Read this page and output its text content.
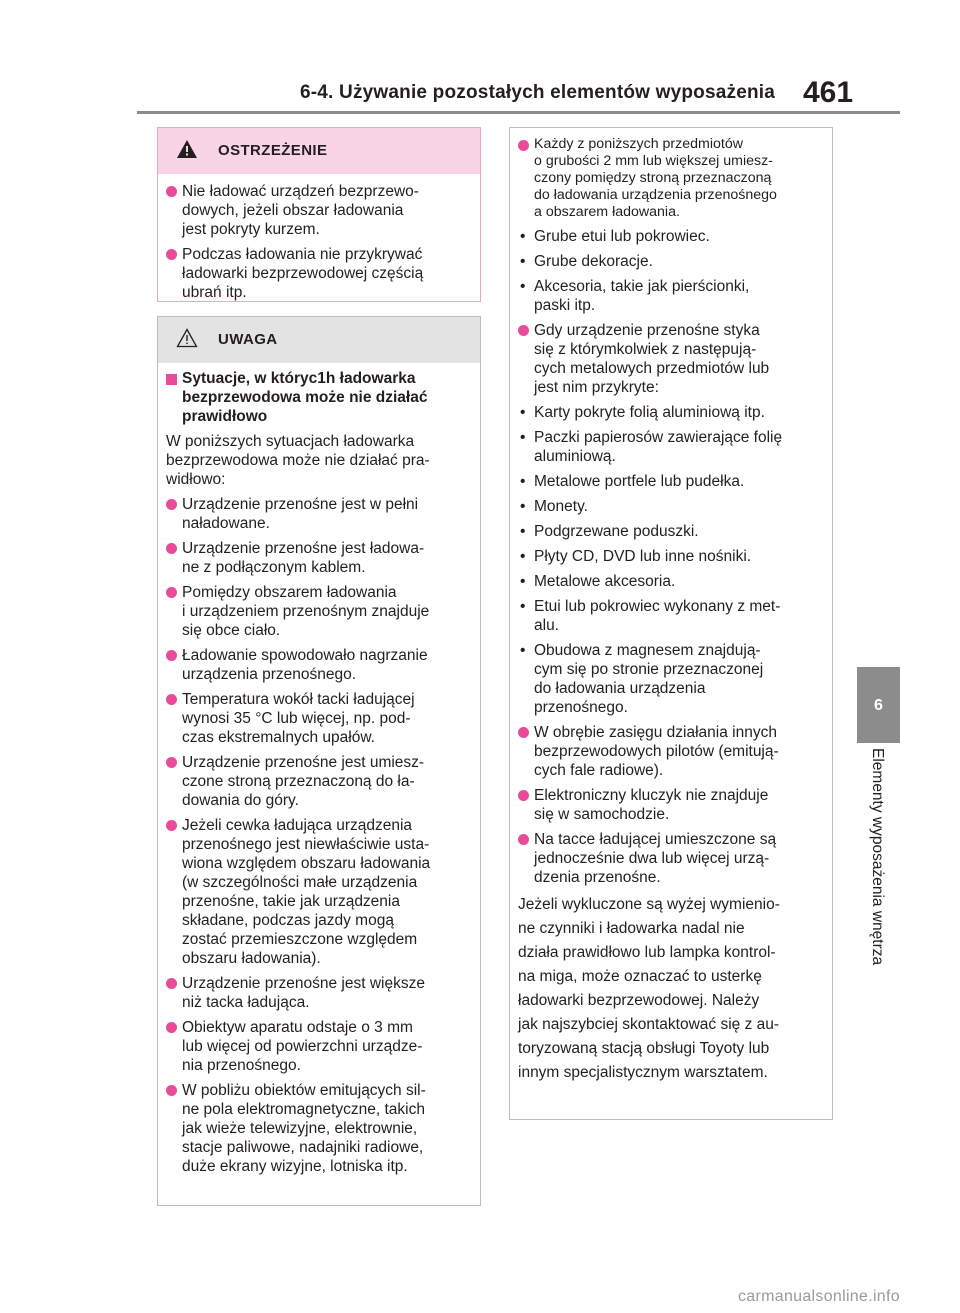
6-4. Używanie pozostałych elementów wyposażenia 461
6
Elementy wyposażenia wnętrza
OSTRZEŻENIE
Nie ładować urządzeń bezprzewo-
dowych, jeżeli obszar ładowania
jest pokryty kurzem.
Podczas ładowania nie przykrywać
ładowarki bezprzewodowej częścią
ubrań itp.
UWAGA
Sytuacje, w któryc1h ładowarka
bezprzewodowa może nie działać
prawidłowo
W poniższych sytuacjach ładowarka
bezprzewodowa może nie działać pra-
widłowo:
Urządzenie przenośne jest w pełni
naładowane.
Urządzenie przenośne jest ładowa-
ne z podłączonym kablem.
Pomiędzy obszarem ładowania
i urządzeniem przenośnym znajduje
się obce ciało.
Ładowanie spowodowało nagrzanie
urządzenia przenośnego.
Temperatura wokół tacki ładującej
wynosi 35 °C lub więcej, np. pod-
czas ekstremalnych upałów.
Urządzenie przenośne jest umiesz-
czone stroną przeznaczoną do ła-
dowania do góry.
Jeżeli cewka ładująca urządzenia
przenośnego jest niewłaściwie usta-
wiona względem obszaru ładowania
(w szczególności małe urządzenia
przenośne, takie jak urządzenia
składane, podczas jazdy mogą
zostać przemieszczone względem
obszaru ładowania).
Urządzenie przenośne jest większe
niż tacka ładująca.
Obiektyw aparatu odstaje o 3 mm
lub więcej od powierzchni urządze-
nia przenośnego.
W pobliżu obiektów emitujących sil-
ne pola elektromagnetyczne, takich
jak wieże telewizyjne, elektrownie,
stacje paliwowe, nadajniki radiowe,
duże ekrany wizyjne, lotniska itp.
Każdy z poniższych przedmiotów
o grubości 2 mm lub większej umiesz-
czony pomiędzy stroną przeznaczoną
do ładowania urządzenia przenośnego
a obszarem ładowania.
• Grube etui lub pokrowiec.
• Grube dekoracje.
• Akcesoria, takie jak pierścionki,
paski itp.
Gdy urządzenie przenośne styka
się z którymkolwiek z następują-
cych metalowych przedmiotów lub
jest nim przykryte:
• Karty pokryte folią aluminiową itp.
• Paczki papierosów zawierające folię
aluminiową.
• Metalowe portfele lub pudełka.
• Monety.
• Podgrzewane poduszki.
• Płyty CD, DVD lub inne nośniki.
• Metalowe akcesoria.
• Etui lub pokrowiec wykonany z met-
alu.
• Obudowa z magnesem znajdują-
cym się po stronie przeznaczonej
do ładowania urządzenia
przenośnego.
W obrębie zasięgu działania innych
bezprzewodowych pilotów (emitują-
cych fale radiowe).
Elektroniczny kluczyk nie znajduje
się w samochodzie.
Na tacce ładującej umieszczone są
jednocześnie dwa lub więcej urzą-
dzenia przenośne.
Jeżeli wykluczone są wyżej wymienio-
ne czynniki i ładowarka nadal nie
działa prawidłowo lub lampka kontrol-
na miga, może oznaczać to usterkę
ładowarki bezprzewodowej. Należy
jak najszybciej skontaktować się z au-
toryzowaną stacją obsługi Toyoty lub
innym specjalistycznym warsztatem.
carmanualsonline.info
